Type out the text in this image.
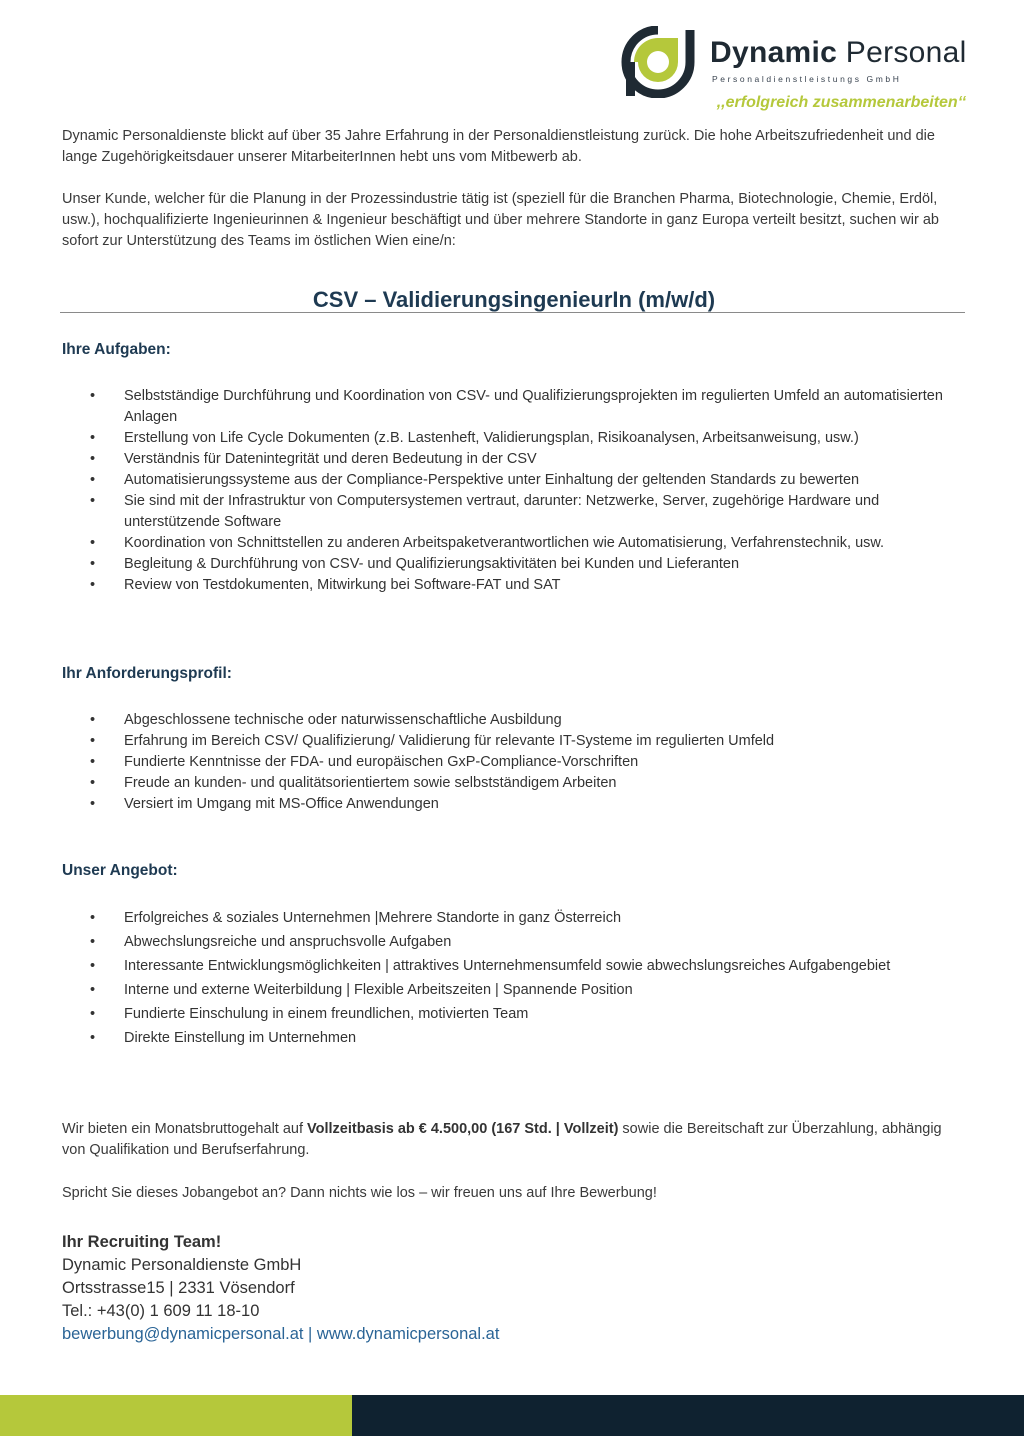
Dynamic Personal
Personaldienstleistungs GmbH
,,erfolgreich zusammenarbeiten‘‘

Dynamic Personaldienste blickt auf über 35 Jahre Erfahrung in der Personaldienstleistung zurück. Die hohe Arbeitszufriedenheit und die lange Zugehörigkeitsdauer unserer MitarbeiterInnen hebt uns vom Mitbewerb ab.

Unser Kunde, welcher für die Planung in der Prozessindustrie tätig ist (speziell für die Branchen Pharma, Biotechnologie, Chemie, Erdöl, usw.), hochqualifizierte Ingenieurinnen & Ingenieur beschäftigt und über mehrere Standorte in ganz Europa verteilt besitzt, suchen wir ab sofort zur Unterstützung des Teams im östlichen Wien eine/n:

CSV – ValidierungsingenieurIn (m/w/d)
Ihre Aufgaben:
• Selbstständige Durchführung und Koordination von CSV- und Qualifizierungsprojekten im regulierten Umfeld an automatisierten Anlagen
• Erstellung von Life Cycle Dokumenten (z.B. Lastenheft, Validierungsplan, Risikoanalysen, Arbeitsanweisung, usw.)
• Verständnis für Datenintegrität und deren Bedeutung in der CSV
• Automatisierungssysteme aus der Compliance-Perspektive unter Einhaltung der geltenden Standards zu bewerten
• Sie sind mit der Infrastruktur von Computersystemen vertraut, darunter: Netzwerke, Server, zugehörige Hardware und unterstützende Software
• Koordination von Schnittstellen zu anderen Arbeitspaketverantwortlichen wie Automatisierung, Verfahrenstechnik, usw.
• Begleitung & Durchführung von CSV- und Qualifizierungsaktivitäten bei Kunden und Lieferanten
• Review von Testdokumenten, Mitwirkung bei Software-FAT und SAT
Ihr Anforderungsprofil:
• Abgeschlossene technische oder naturwissenschaftliche Ausbildung
• Erfahrung im Bereich CSV/ Qualifizierung/ Validierung für relevante IT-Systeme im regulierten Umfeld
• Fundierte Kenntnisse der FDA- und europäischen GxP-Compliance-Vorschriften
• Freude an kunden- und qualitätsorientiertem sowie selbstständigem Arbeiten
• Versiert im Umgang mit MS-Office Anwendungen
Unser Angebot:
• Erfolgreiches & soziales Unternehmen |Mehrere Standorte in ganz Österreich
• Abwechslungsreiche und anspruchsvolle Aufgaben
• Interessante Entwicklungsmöglichkeiten | attraktives Unternehmensumfeld sowie abwechslungsreiches Aufgabengebiet
• Interne und externe Weiterbildung | Flexible Arbeitszeiten | Spannende Position
• Fundierte Einschulung in einem freundlichen, motivierten Team
• Direkte Einstellung im Unternehmen
Wir bieten ein Monatsbruttogehalt auf Vollzeitbasis ab € 4.500,00 (167 Std. | Vollzeit) sowie die Bereitschaft zur Überzahlung, abhängig von Qualifikation und Berufserfahrung.
Spricht Sie dieses Jobangebot an? Dann nichts wie los – wir freuen uns auf Ihre Bewerbung!
Ihr Recruiting Team!
Dynamic Personaldienste GmbH
Ortsstrasse15 | 2331 Vösendorf
Tel.: +43(0) 1 609 11 18-10
bewerbung@dynamicpersonal.at | www.dynamicpersonal.at
